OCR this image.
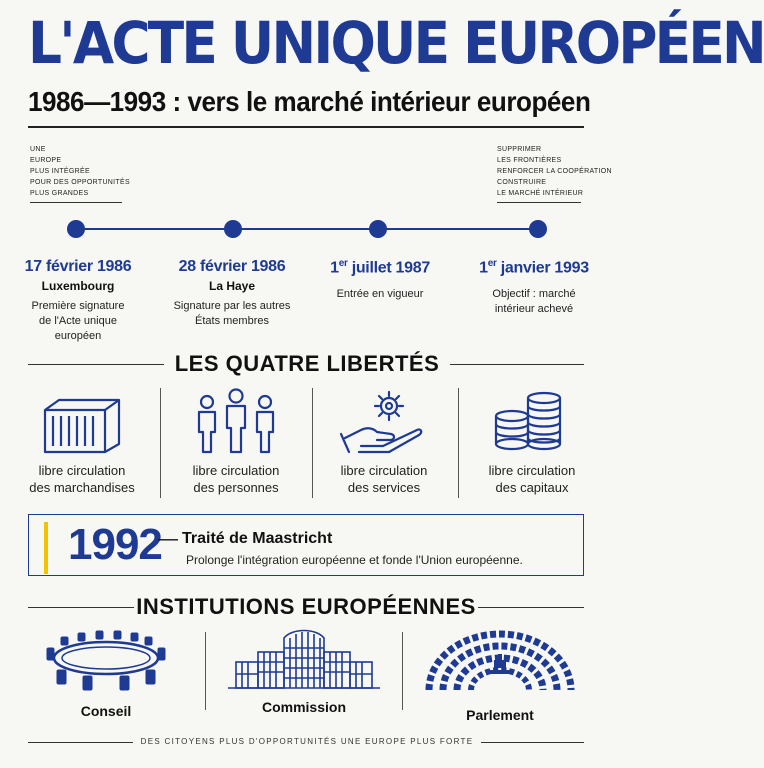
L'ACTE UNIQUE EUROPÉEN
1986—1993 : vers le marché intérieur européen
UNE
EUROPE
PLUS INTÉGRÉE
POUR DES OPPORTUNITÉS
PLUS GRANDES
SUPPRIMER
LES FRONTIÈRES
RENFORCER LA COOPÉRATION
CONSTRUIRE
LE MARCHÉ INTÉRIEUR
17 février 1986
Luxembourg
Première signature de l'Acte unique européen
28 février 1986
La Haye
Signature par les autres États membres
1er juillet 1987
Entrée en vigueur
1er janvier 1993
Objectif : marché intérieur achevé
LES QUATRE LIBERTÉS
libre circulation
des marchandises
libre circulation
des personnes
libre circulation
des services
libre circulation
des capitaux
1992
— Traité de Maastricht
Prolonge l'intégration européenne et fonde l'Union européenne.
INSTITUTIONS EUROPÉENNES
Conseil	Commission	Parlement
DES CITOYENS PLUS D'OPPORTUNITÉS UNE EUROPE PLUS FORTE
